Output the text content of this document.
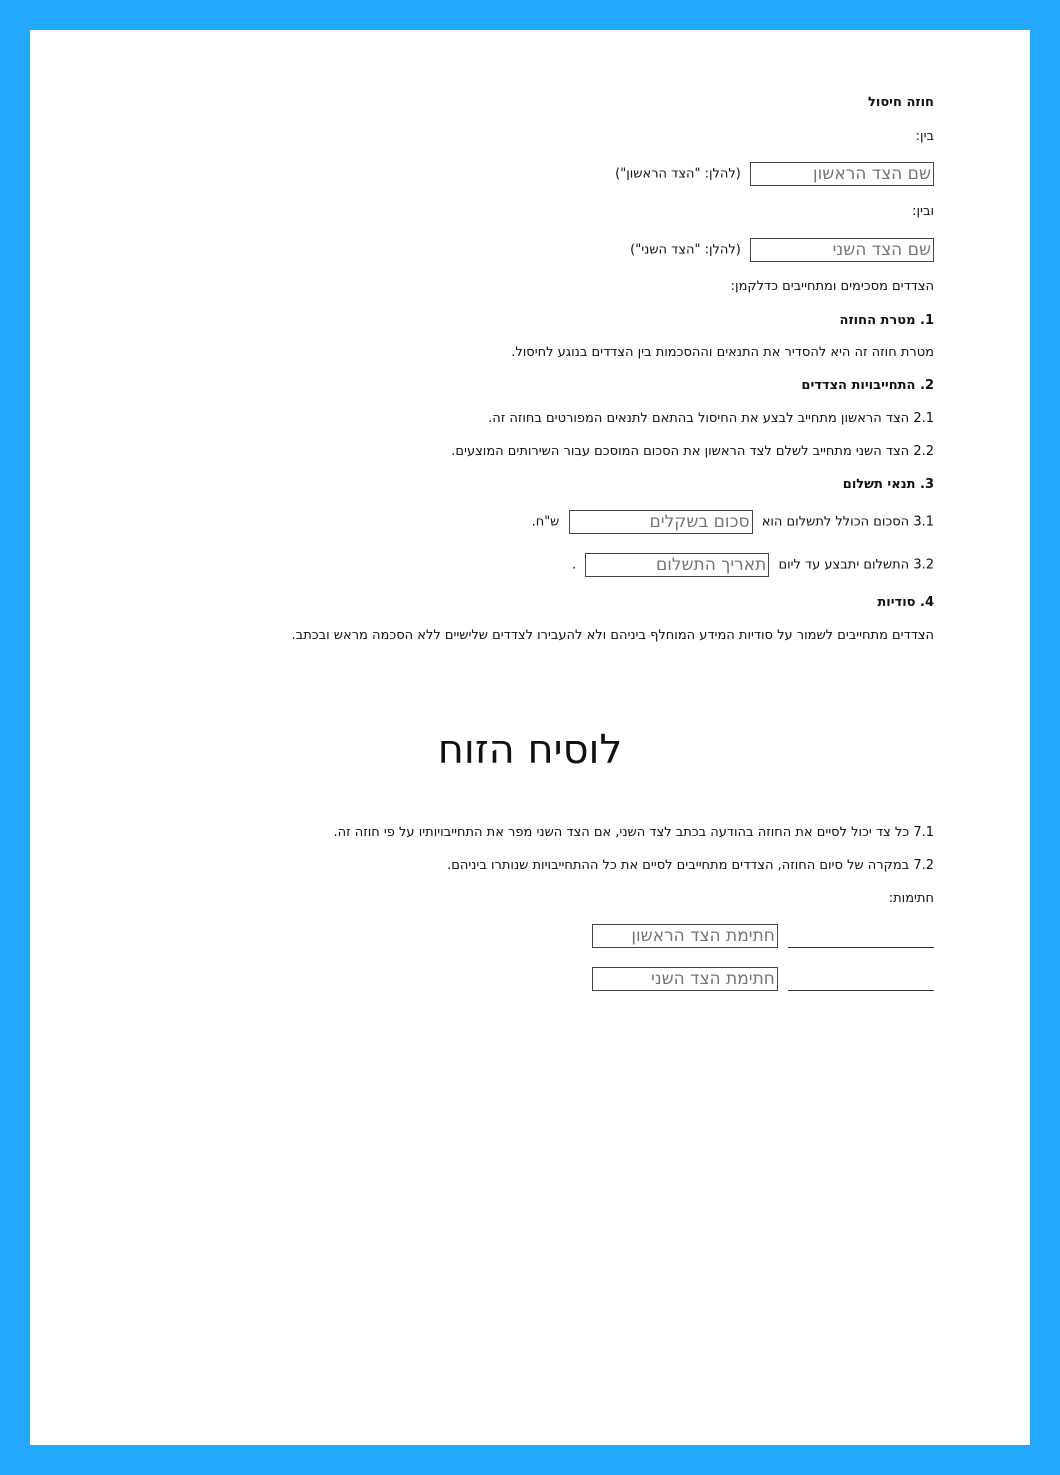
חוזה חיסול
בין:
שם הצד הראשון (להלן: "הצד הראשון")
ובין:
שם הצד השני (להלן: "הצד השני")
הצדדים מסכימים ומתחייבים כדלקמן:
1. מטרת החוזה
מטרת חוזה זה היא להסדיר את התנאים וההסכמות בין הצדדים בנוגע לחיסול.
2. התחייבויות הצדדים
2.1 הצד הראשון מתחייב לבצע את החיסול בהתאם לתנאים המפורטים בחוזה זה.
2.2 הצד השני מתחייב לשלם לצד הראשון את הסכום המוסכם עבור השירותים המוצעים.
3. תנאי תשלום
3.1 הסכום הכולל לתשלום הוא סכום בשקלים ש"ח.
3.2 התשלום יתבצע עד ליום תאריך התשלום .
4. סודיות
הצדדים מתחייבים לשמור על סודיות המידע המוחלף ביניהם ולא להעבירו לצדדים שלישיים ללא הסכמה מראש ובכתב.
לוסיח הזוח
7.1 כל צד יכול לסיים את החוזה בהודעה בכתב לצד השני, אם הצד השני מפר את התחייבויותיו על פי חוזה זה.
7.2 במקרה של סיום החוזה, הצדדים מתחייבים לסיים את כל ההתחייבויות שנותרו ביניהם.
חתימות:
חתימת הצד הראשון
חתימת הצד השני
